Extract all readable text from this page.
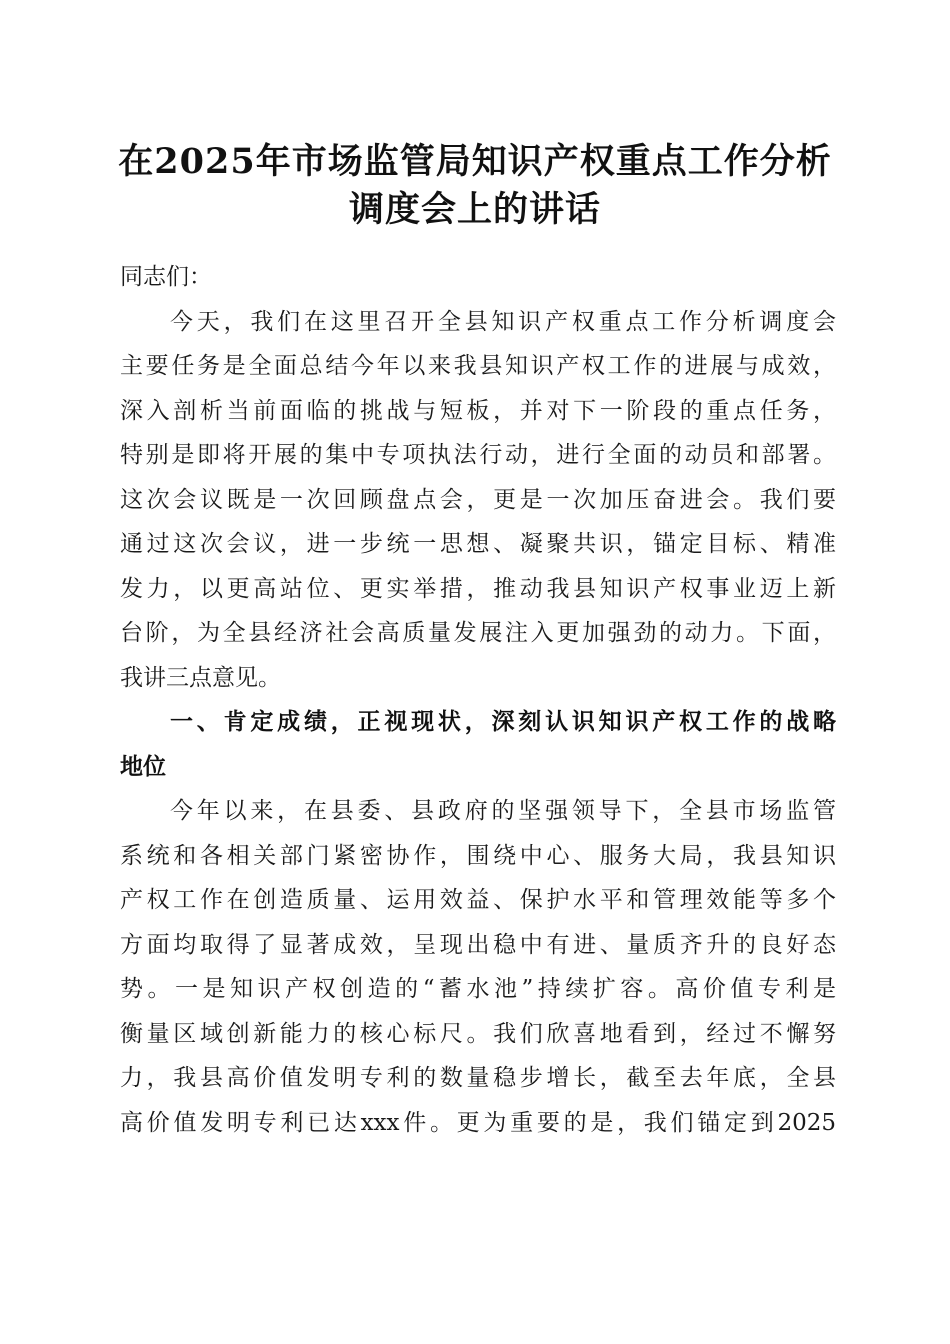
在2025年市场监管局知识产权重点工作分析
调度会上的讲话
同志们：
今天，我们在这里召开全县知识产权重点工作分析调度会
主要任务是全面总结今年以来我县知识产权工作的进展与成效，
深入剖析当前面临的挑战与短板，并对下一阶段的重点任务，
特别是即将开展的集中专项执法行动，进行全面的动员和部署。
这次会议既是一次回顾盘点会，更是一次加压奋进会。我们要
通过这次会议，进一步统一思想、凝聚共识，锚定目标、精准
发力，以更高站位、更实举措，推动我县知识产权事业迈上新
台阶，为全县经济社会高质量发展注入更加强劲的动力。下面，
我讲三点意见。
一、肯定成绩，正视现状，深刻认识知识产权工作的战略
地位
今年以来，在县委、县政府的坚强领导下，全县市场监管
系统和各相关部门紧密协作，围绕中心、服务大局，我县知识
产权工作在创造质量、运用效益、保护水平和管理效能等多个
方面均取得了显著成效，呈现出稳中有进、量质齐升的良好态
势。一是知识产权创造的“蓄水池”持续扩容。高价值专利是
衡量区域创新能力的核心标尺。我们欣喜地看到，经过不懈努
力，我县高价值发明专利的数量稳步增长，截至去年底，全县
高价值发明专利已达xxx件。更为重要的是，我们锚定到2025
